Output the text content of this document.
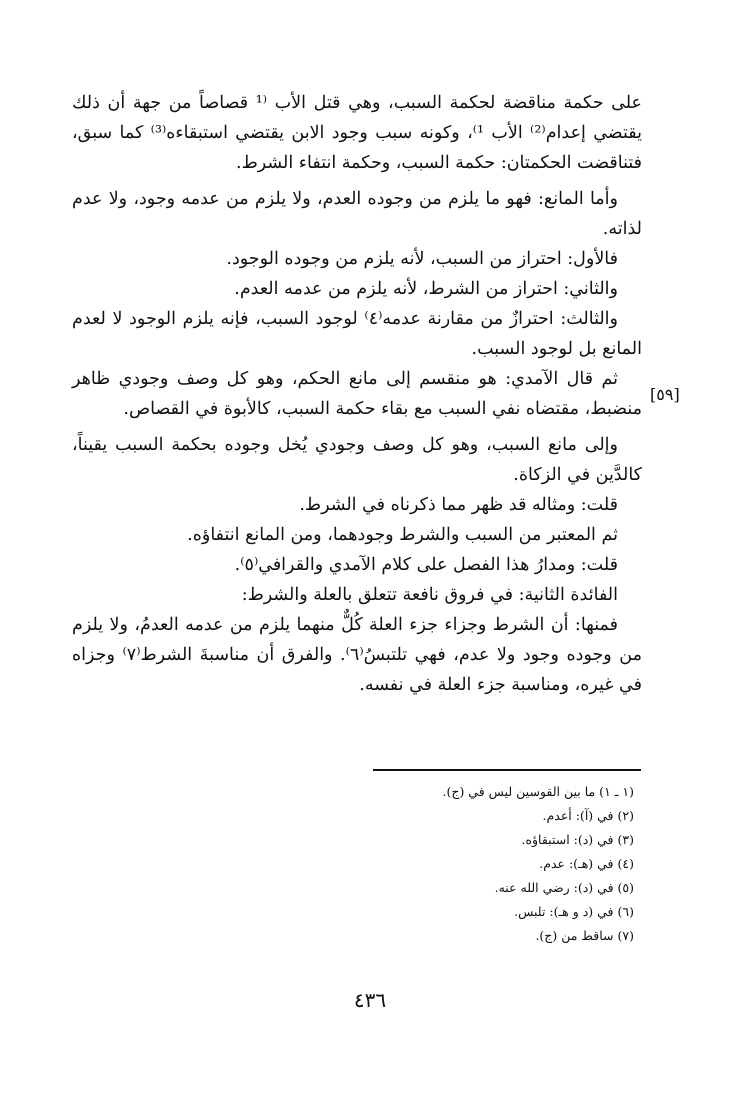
على حكمة مناقضة لحكمة السبب، وهي قتل الأب ⁽¹ قصاصاً من جهة أن ذلك يقتضي إعدام⁽²⁾ الأب ¹⁾، وكونه سبب وجود الابن يقتضي استبقاءه⁽³⁾ كما سبق، فتناقضت الحكمتان: حكمة السبب، وحكمة انتفاء الشرط.

وأما المانع: فهو ما يلزم من وجوده العدم، ولا يلزم من عدمه وجود، ولا عدم لذاته.

فالأول: احتراز من السبب، لأنه يلزم من وجوده الوجود.

والثاني: احتراز من الشرط، لأنه يلزم من عدمه العدم.

والثالث: احترازٌ من مقارنة عدمه⁽٤⁾ لوجود السبب، فإنه يلزم الوجود لا لعدم المانع بل لوجود السبب.

ثم قال الآمدي: هو منقسم إلى مانع الحكم، وهو كل وصف وجودي ظاهر منضبط، مقتضاه نفي السبب مع بقاء حكمة السبب، كالأبوة في القصاص.

وإلى مانع السبب، وهو كل وصف وجودي يُخل وجوده بحكمة السبب يقيناً، كالدَّين في الزكاة.

قلت: ومثاله قد ظهر مما ذكرناه في الشرط.

ثم المعتبر من السبب والشرط وجودهما، ومن المانع انتفاؤه.

قلت: ومدارُ هذا الفصل على كلام الآمدي والقرافي⁽٥⁾.

الفائدة الثانية: في فروق نافعة تتعلق بالعلة والشرط:

فمنها: أن الشرط وجزاء جزء العلة كُلٌّ منهما يلزم من عدمه العدمُ، ولا يلزم من وجوده وجود ولا عدم، فهي تلتبسُ⁽٦⁾. والفرق أن مناسبةَ الشرط⁽٧⁾ وجزاه في غيره، ومناسبة جزء العلة في نفسه.

[٥٩]

(١ ـ ١) ما بين القوسين ليس في (ج).

(٢) في (آ): أعدم.

(٣) في (د): استبقاؤه.

(٤) في (هـ): عدم.

(٥) في (د): رضي الله عنه.

(٦) في (د و هـ): تلبس.

(٧) ساقط من (ج).

٤٣٦
